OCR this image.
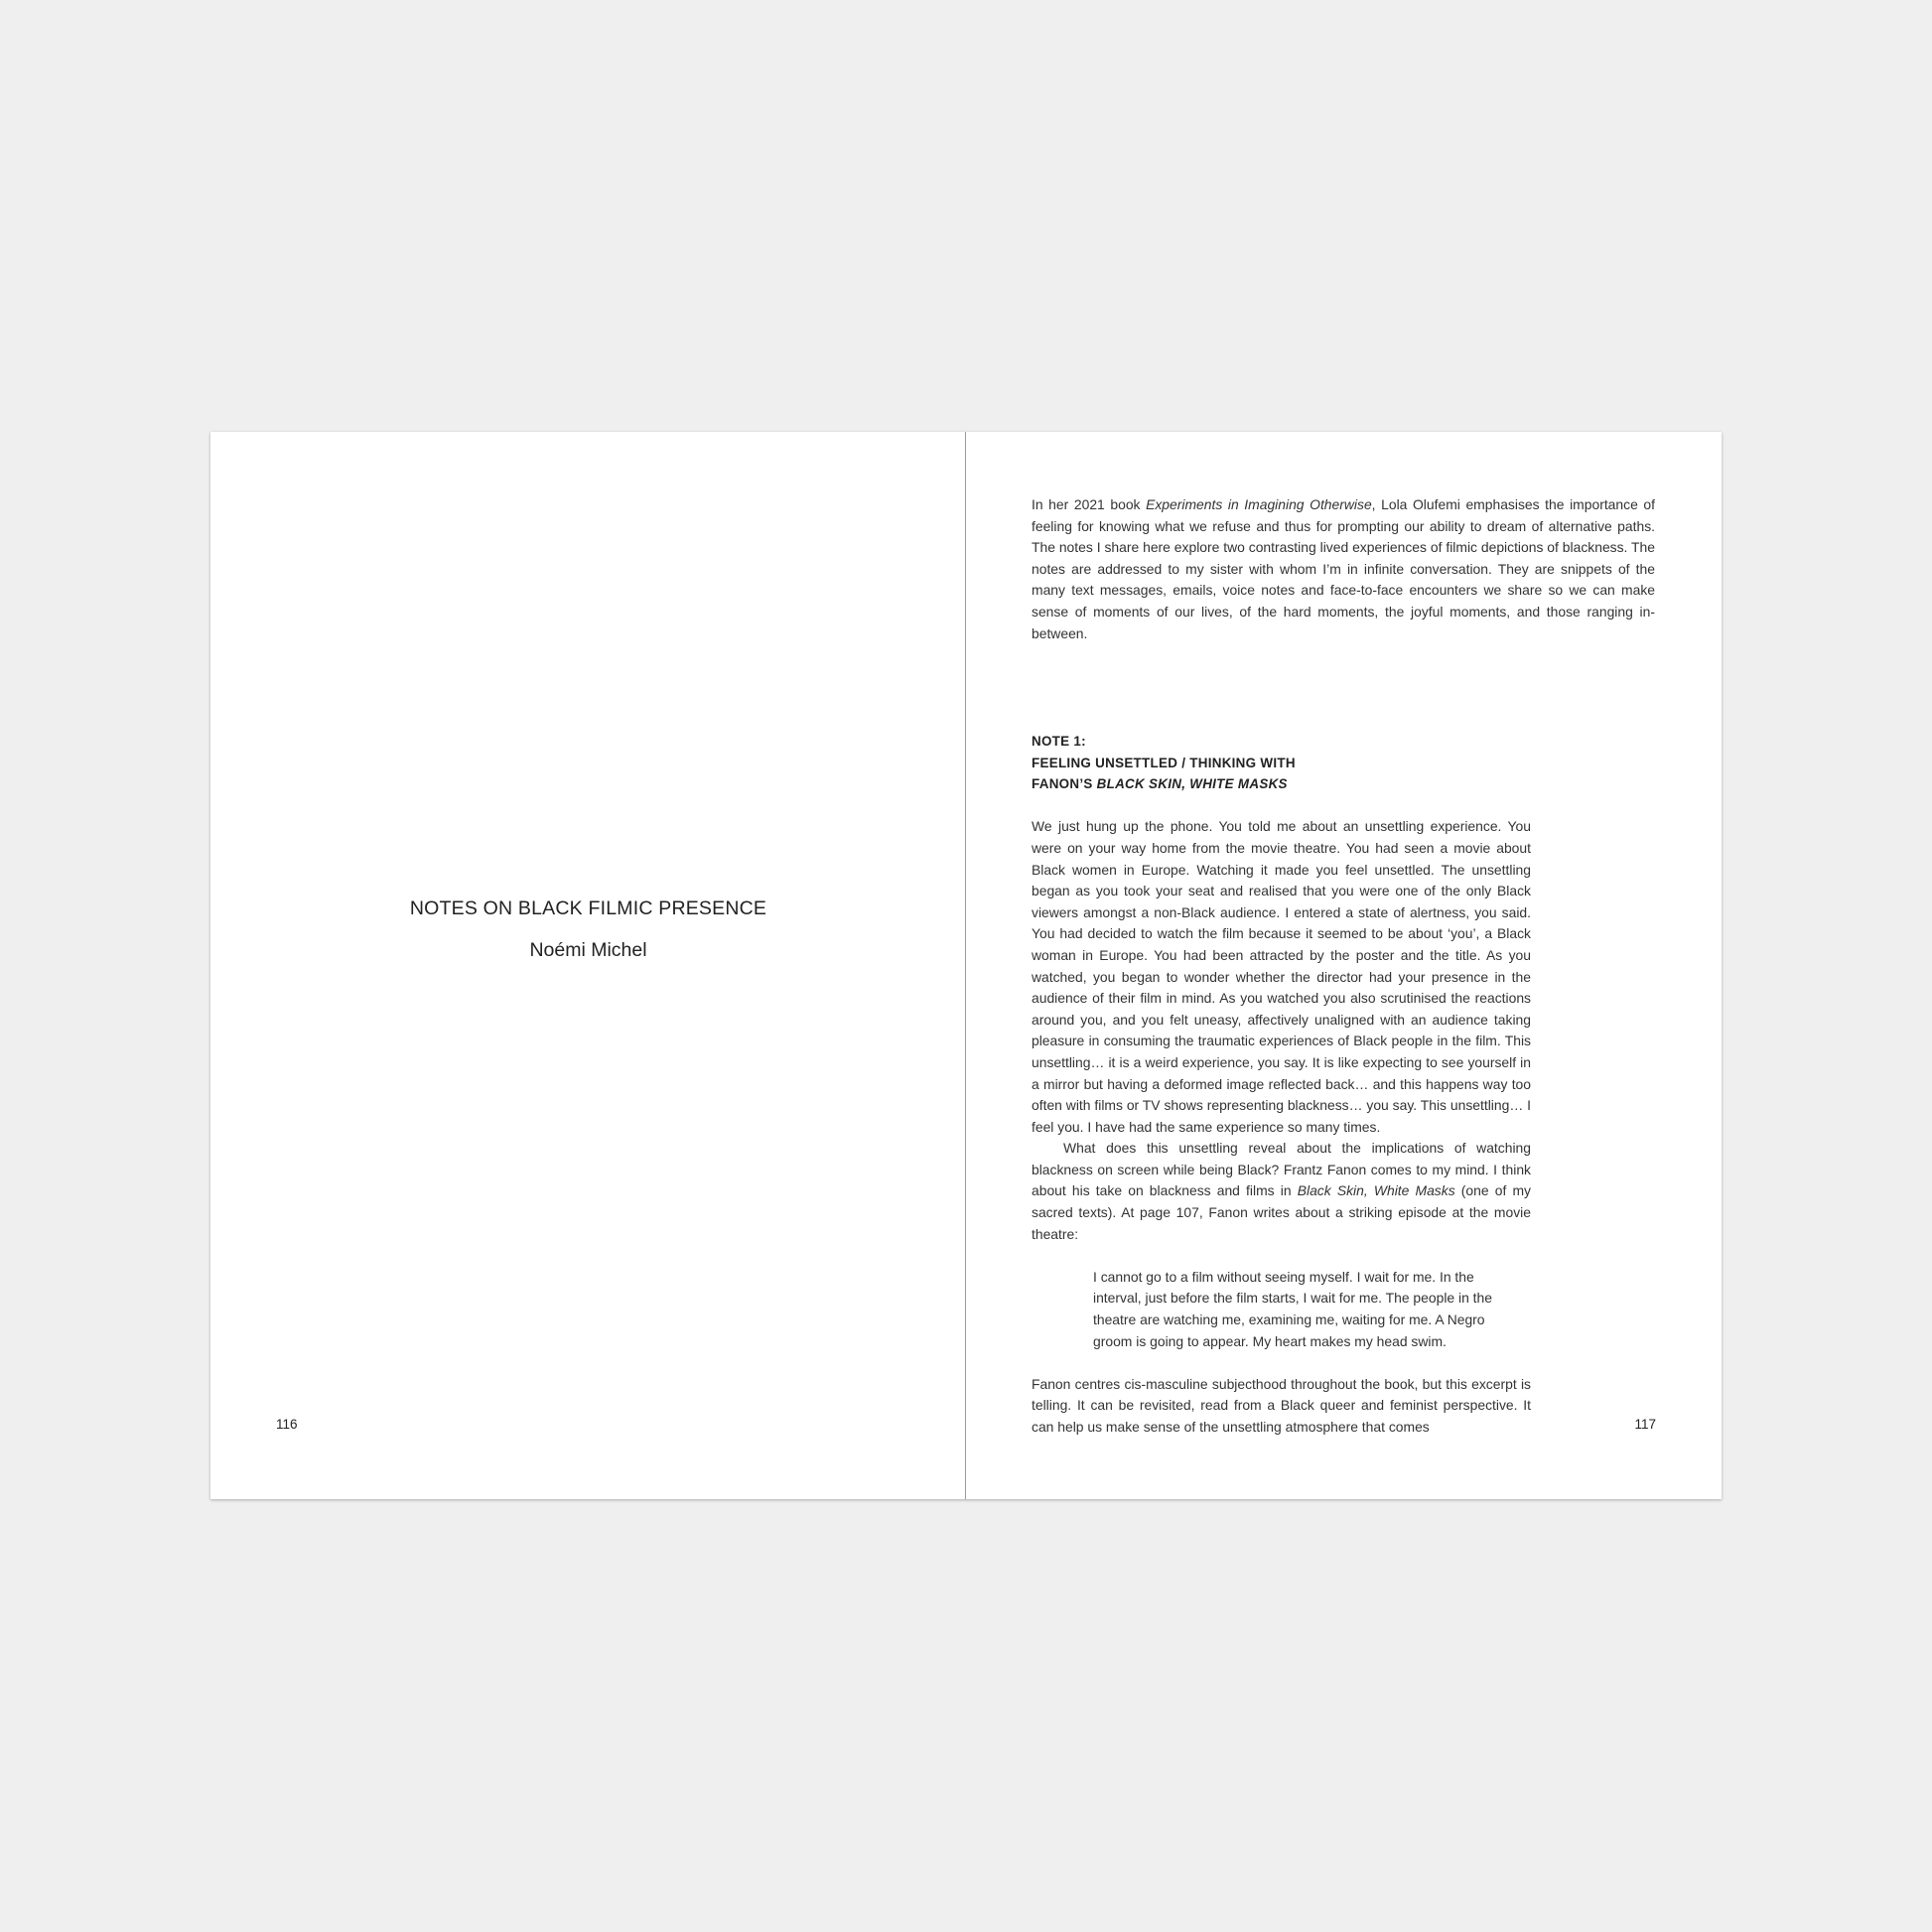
NOTES ON BLACK FILMIC PRESENCE
Noémi Michel
116

In her 2021 book Experiments in Imagining Otherwise, Lola Olufemi emphasises the importance of feeling for knowing what we refuse and thus for prompting our ability to dream of alternative paths. The notes I share here explore two contrasting lived experiences of filmic depictions of blackness. The notes are addressed to my sister with whom I’m in infinite conversation. They are snippets of the many text messages, emails, voice notes and face-to-face encounters we share so we can make sense of moments of our lives, of the hard moments, the joyful moments, and those ranging in-between.

NOTE 1:
FEELING UNSETTLED / THINKING WITH
FANON’S BLACK SKIN, WHITE MASKS

We just hung up the phone. You told me about an unsettling experience. You were on your way home from the movie theatre. You had seen a movie about Black women in Europe. Watching it made you feel unsettled. The unsettling began as you took your seat and realised that you were one of the only Black viewers amongst a non-Black audience. I entered a state of alertness, you said. You had decided to watch the film because it seemed to be about ‘you’, a Black woman in Europe. You had been attracted by the poster and the title. As you watched, you began to wonder whether the director had your presence in the audience of their film in mind. As you watched you also scrutinised the reactions around you, and you felt uneasy, affectively unaligned with an audience taking pleasure in consuming the traumatic experiences of Black people in the film. This unsettling… it is a weird experience, you say. It is like expecting to see yourself in a mirror but having a deformed image reflected back… and this happens way too often with films or TV shows representing blackness… you say. This unsettling… I feel you. I have had the same experience so many times.

What does this unsettling reveal about the implications of watching blackness on screen while being Black? Frantz Fanon comes to my mind. I think about his take on blackness and films in Black Skin, White Masks (one of my sacred texts). At page 107, Fanon writes about a striking episode at the movie theatre:

I cannot go to a film without seeing myself. I wait for me. In the interval, just before the film starts, I wait for me. The people in the theatre are watching me, examining me, waiting for me. A Negro groom is going to appear. My heart makes my head swim.

Fanon centres cis-masculine subjecthood throughout the book, but this excerpt is telling. It can be revisited, read from a Black queer and feminist perspective. It can help us make sense of the unsettling atmosphere that comes	117
